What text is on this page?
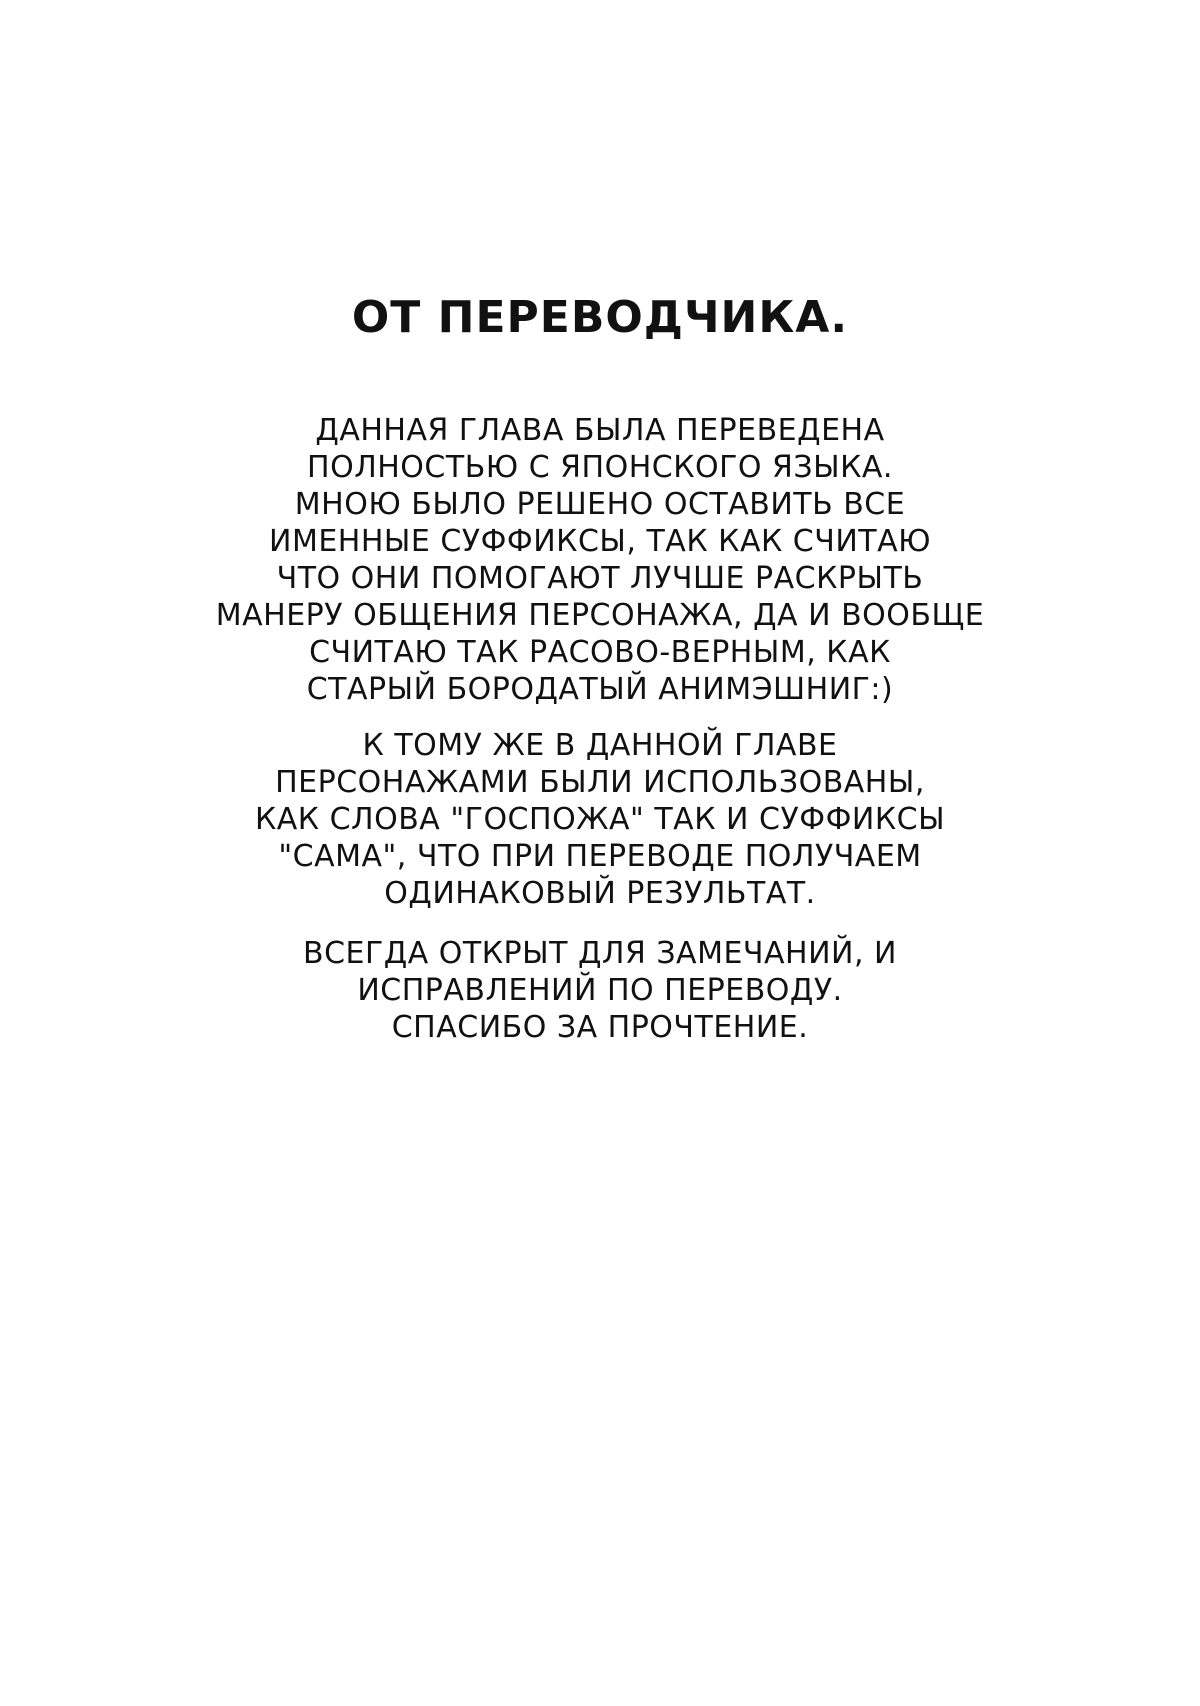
ОТ ПЕРЕВОДЧИКА.
ДАННАЯ ГЛАВА БЫЛА ПЕРЕВЕДЕНА
ПОЛНОСТЬЮ С ЯПОНСКОГО ЯЗЫКА.
МНОЮ БЫЛО РЕШЕНО ОСТАВИТЬ ВСЕ
ИМЕННЫЕ СУФФИКСЫ, ТАК КАК СЧИТАЮ
ЧТО ОНИ ПОМОГАЮТ ЛУЧШЕ РАСКРЫТЬ
МАНЕРУ ОБЩЕНИЯ ПЕРСОНАЖА, ДА И ВООБЩЕ
СЧИТАЮ ТАК РАСОВО-ВЕРНЫМ, КАК
СТАРЫЙ БОРОДАТЫЙ АНИМЭШНИГ:)
К ТОМУ ЖЕ В ДАННОЙ ГЛАВЕ
ПЕРСОНАЖАМИ БЫЛИ ИСПОЛЬЗОВАНЫ,
КАК СЛОВА "ГОСПОЖА" ТАК И СУФФИКСЫ
"САМА", ЧТО ПРИ ПЕРЕВОДЕ ПОЛУЧАЕМ
ОДИНАКОВЫЙ РЕЗУЛЬТАТ.
ВСЕГДА ОТКРЫТ ДЛЯ ЗАМЕЧАНИЙ, И
ИСПРАВЛЕНИЙ ПО ПЕРЕВОДУ.
СПАСИБО ЗА ПРОЧТЕНИЕ.
